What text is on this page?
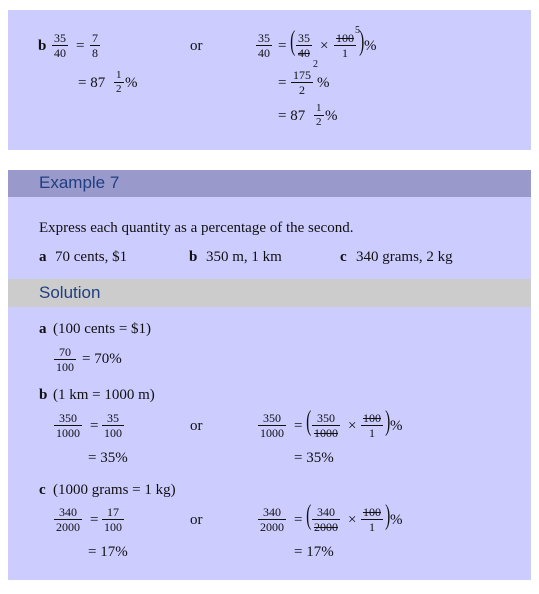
b $\frac{35}{40} = \frac{7}{8}$	or
= $87 \frac{1}{2}$ %
$\frac{35}{40}$ = ( $\frac{35}{40}$
2
× $\frac{100}{1}$
5 ) %
= $\frac{175}{2}$ %
= $87 \frac{1}{2}$ %
Example 7
Express each quantity as a percentage of the second.
a 70 cents, $1	b 350 m, 1 km	c 340 grams, 2 kg
Solution
a (100 cents = $1)
$\frac{70}{100} = 70\%$
b (1 km = 1000 m)
$\frac{350}{1000} = \frac{35}{100}$	or	$\frac{350}{1000}$ = ( $\frac{350}{1000} \times \frac{100}{1}$ ) %
= 35%	= 35%
c (1000 grams = 1 kg)
$\frac{340}{2000} = \frac{17}{100}$	or	$\frac{340}{2000}$ = ( $\frac{340}{2000} \times \frac{100}{1}$ ) %
= 17%	= 17%
